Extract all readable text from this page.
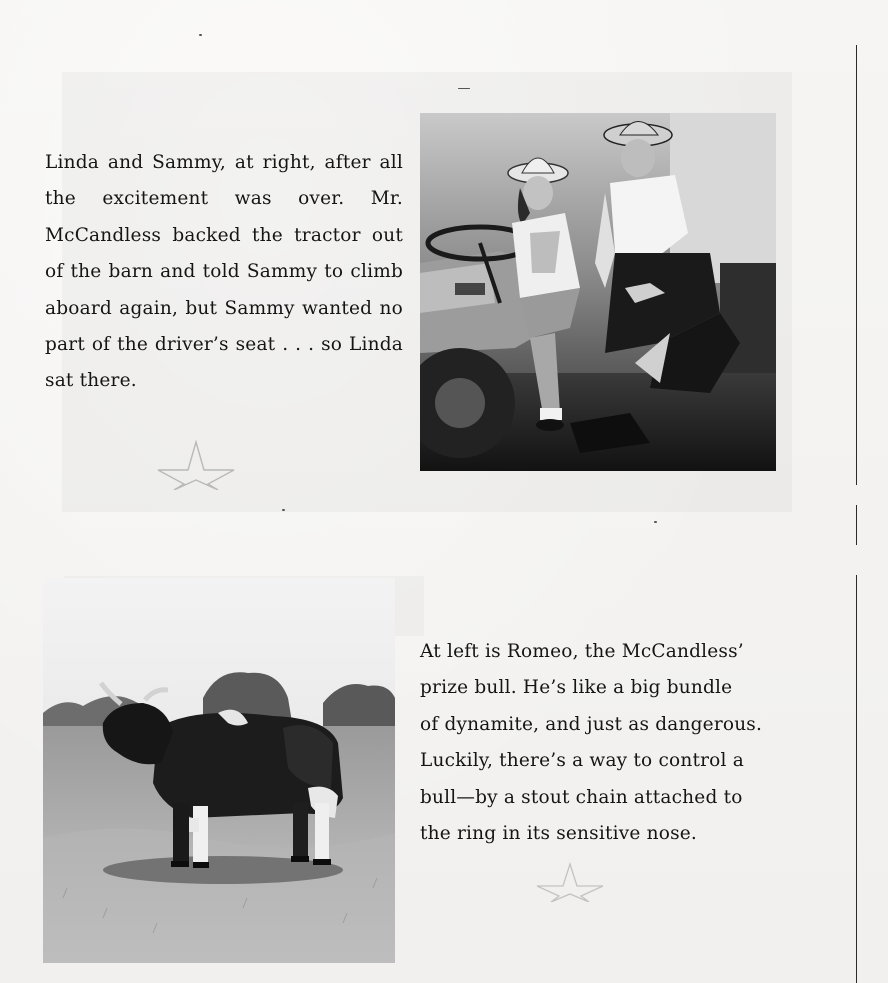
Linda and Sammy, at right, after all the excitement was over. Mr. McCandless backed the tractor out of the barn and told Sammy to climb aboard again, but Sammy wanted no part of the driver’s seat . . . so Linda sat there.
At left is Romeo, the McCandless’
prize bull. He’s like a big bundle
of dynamite, and just as dangerous.
Luckily, there’s a way to control a
bull—by a stout chain attached to
the ring in its sensitive nose.
